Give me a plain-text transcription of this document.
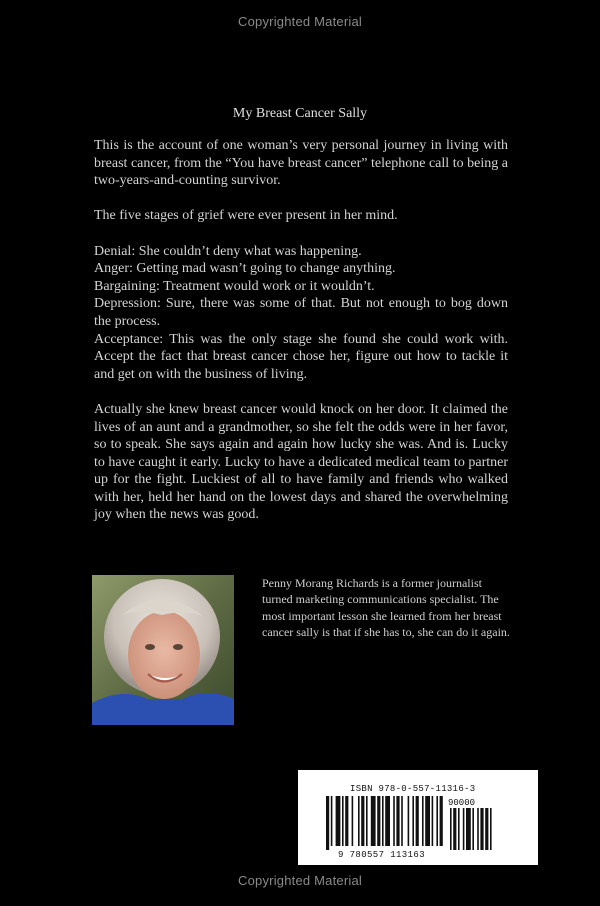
Copyrighted Material
My Breast Cancer Sally

This is the account of one woman’s very personal journey in living with breast cancer, from the “You have breast cancer” telephone call to being a two-years-and-counting survivor.

The five stages of grief were ever present in her mind.

Denial: She couldn’t deny what was happening.
Anger: Getting mad wasn’t going to change anything.
Bargaining: Treatment would work or it wouldn’t.
Depression: Sure, there was some of that. But not enough to bog down the process.
Acceptance: This was the only stage she found she could work with. Accept the fact that breast cancer chose her, figure out how to tackle it and get on with the business of living.

Actually she knew breast cancer would knock on her door. It claimed the lives of an aunt and a grandmother, so she felt the odds were in her favor, so to speak. She says again and again how lucky she was. And is. Lucky to have caught it early. Lucky to have a dedicated medical team to partner up for the fight. Luckiest of all to have family and friends who walked with her, held her hand on the lowest days and shared the overwhelming joy when the news was good.

Penny Morang Richards is a former journalist turned marketing communications specialist. The most important lesson she learned from her breast cancer sally is that if she has to, she can do it again.
ISBN 978-0-557-11316-3
90000
9 780557 113163
Copyrighted Material
